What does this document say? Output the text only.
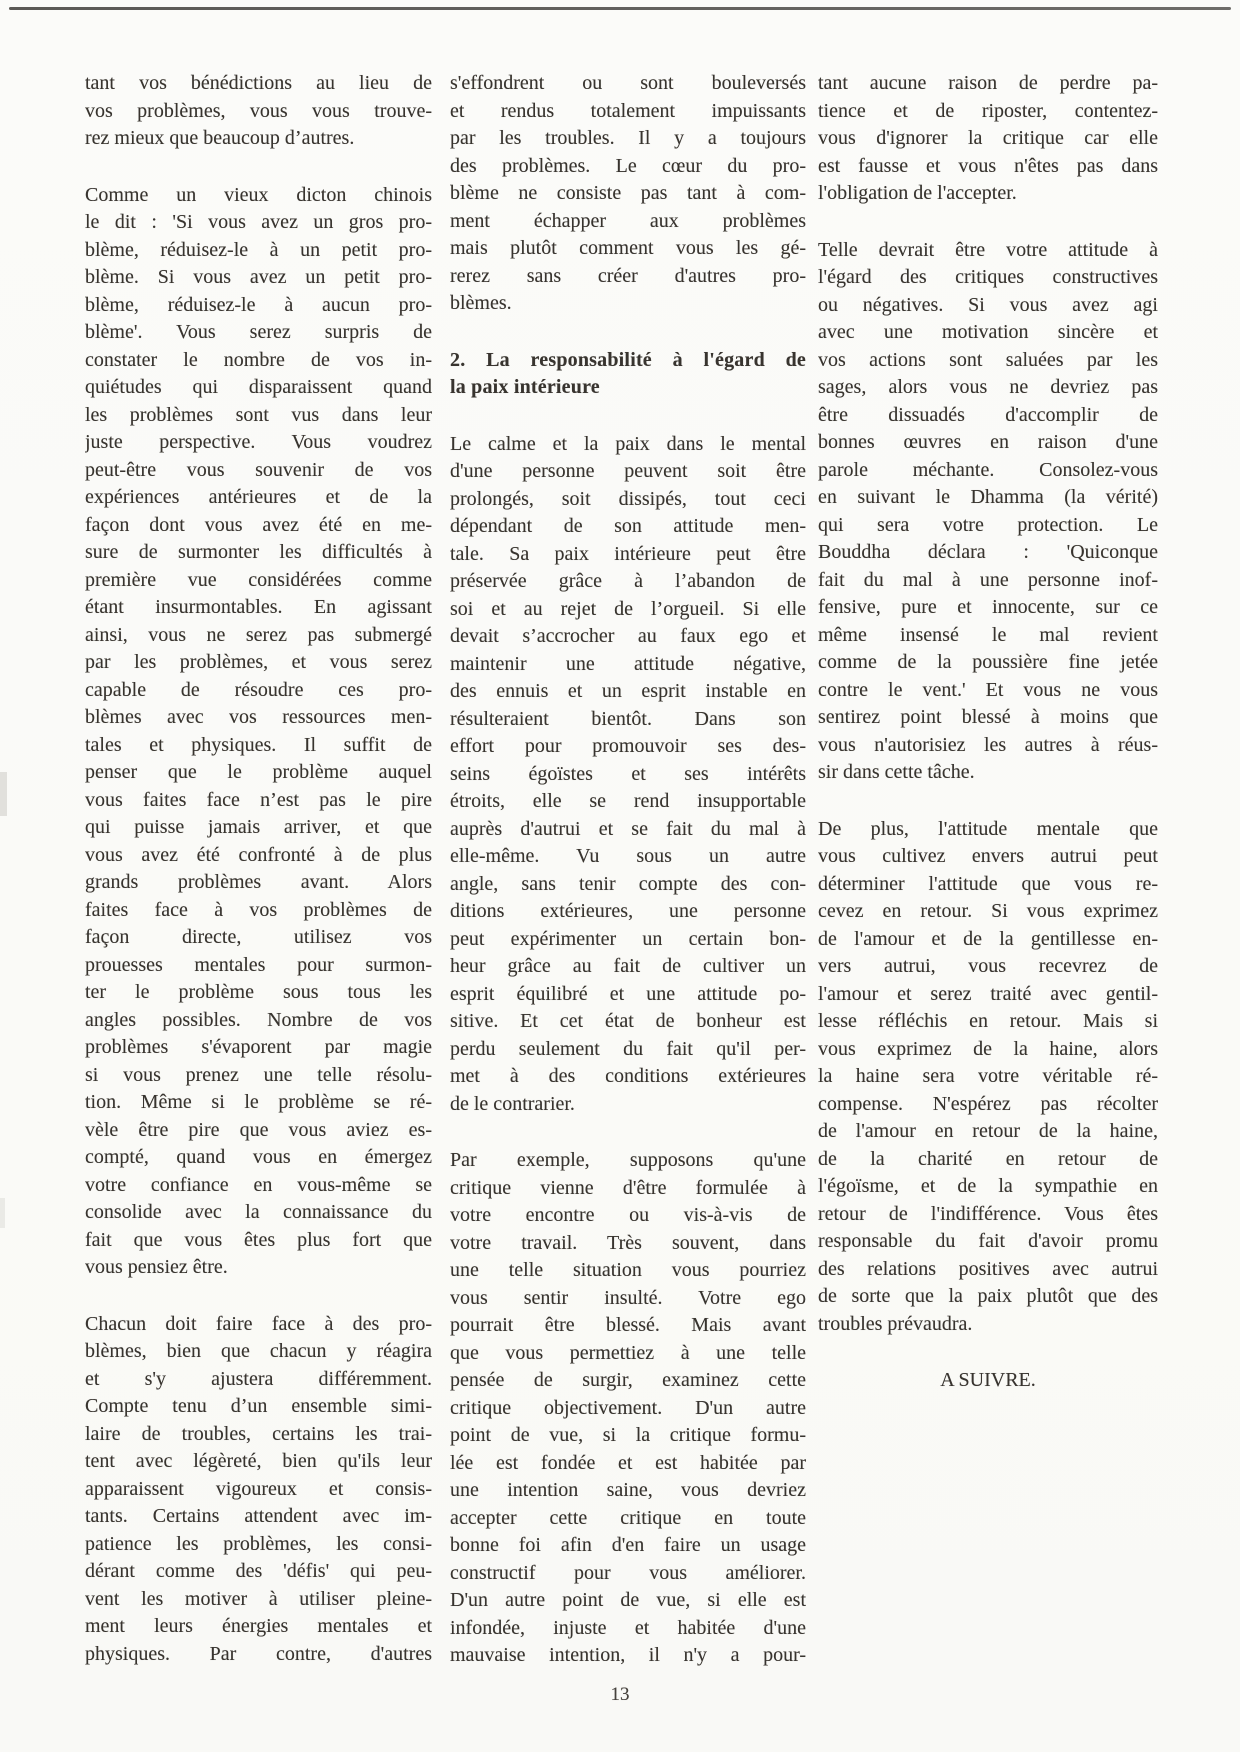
tant vos bénédictions au lieu de
vos problèmes, vous vous trouve-
rez mieux que beaucoup d’autres.
Comme un vieux dicton chinois
le dit : 'Si vous avez un gros pro-
blème, réduisez-le à un petit pro-
blème. Si vous avez un petit pro-
blème, réduisez-le à aucun pro-
blème'. Vous serez surpris de
constater le nombre de vos in-
quiétudes qui disparaissent quand
les problèmes sont vus dans leur
juste perspective. Vous voudrez
peut-être vous souvenir de vos
expériences antérieures et de la
façon dont vous avez été en me-
sure de surmonter les difficultés à
première vue considérées comme
étant insurmontables. En agissant
ainsi, vous ne serez pas submergé
par les problèmes, et vous serez
capable de résoudre ces pro-
blèmes avec vos ressources men-
tales et physiques. Il suffit de
penser que le problème auquel
vous faites face n’est pas le pire
qui puisse jamais arriver, et que
vous avez été confronté à de plus
grands problèmes avant. Alors
faites face à vos problèmes de
façon directe, utilisez vos
prouesses mentales pour surmon-
ter le problème sous tous les
angles possibles. Nombre de vos
problèmes s'évaporent par magie
si vous prenez une telle résolu-
tion. Même si le problème se ré-
vèle être pire que vous aviez es-
compté, quand vous en émergez
votre confiance en vous-même se
consolide avec la connaissance du
fait que vous êtes plus fort que
vous pensiez être.
Chacun doit faire face à des pro-
blèmes, bien que chacun y réagira
et s'y ajustera différemment.
Compte tenu d’un ensemble simi-
laire de troubles, certains les trai-
tent avec légèreté, bien qu'ils leur
apparaissent vigoureux et consis-
tants. Certains attendent avec im-
patience les problèmes, les consi-
dérant comme des 'défis' qui peu-
vent les motiver à utiliser pleine-
ment leurs énergies mentales et
physiques. Par contre, d'autres
s'effondrent ou sont bouleversés
et rendus totalement impuissants
par les troubles. Il y a toujours
des problèmes. Le cœur du pro-
blème ne consiste pas tant à com-
ment échapper aux problèmes
mais plutôt comment vous les gé-
rerez sans créer d'autres pro-
blèmes.
2. La responsabilité à l'égard de
la paix intérieure
Le calme et la paix dans le mental
d'une personne peuvent soit être
prolongés, soit dissipés, tout ceci
dépendant de son attitude men-
tale. Sa paix intérieure peut être
préservée grâce à l’abandon de
soi et au rejet de l’orgueil. Si elle
devait s’accrocher au faux ego et
maintenir une attitude négative,
des ennuis et un esprit instable en
résulteraient bientôt. Dans son
effort pour promouvoir ses des-
seins égoïstes et ses intérêts
étroits, elle se rend insupportable
auprès d'autrui et se fait du mal à
elle-même. Vu sous un autre
angle, sans tenir compte des con-
ditions extérieures, une personne
peut expérimenter un certain bon-
heur grâce au fait de cultiver un
esprit équilibré et une attitude po-
sitive. Et cet état de bonheur est
perdu seulement du fait qu'il per-
met à des conditions extérieures
de le contrarier.
Par exemple, supposons qu'une
critique vienne d'être formulée à
votre encontre ou vis-à-vis de
votre travail. Très souvent, dans
une telle situation vous pourriez
vous sentir insulté. Votre ego
pourrait être blessé. Mais avant
que vous permettiez à une telle
pensée de surgir, examinez cette
critique objectivement. D'un autre
point de vue, si la critique formu-
lée est fondée et est habitée par
une intention saine, vous devriez
accepter cette critique en toute
bonne foi afin d'en faire un usage
constructif pour vous améliorer.
D'un autre point de vue, si elle est
infondée, injuste et habitée d'une
mauvaise intention, il n'y a pour-
tant aucune raison de perdre pa-
tience et de riposter, contentez-
vous d'ignorer la critique car elle
est fausse et vous n'êtes pas dans
l'obligation de l'accepter.
Telle devrait être votre attitude à
l'égard des critiques constructives
ou négatives. Si vous avez agi
avec une motivation sincère et
vos actions sont saluées par les
sages, alors vous ne devriez pas
être dissuadés d'accomplir de
bonnes œuvres en raison d'une
parole méchante. Consolez-vous
en suivant le Dhamma (la vérité)
qui sera votre protection. Le
Bouddha déclara : 'Quiconque
fait du mal à une personne inof-
fensive, pure et innocente, sur ce
même insensé le mal revient
comme de la poussière fine jetée
contre le vent.' Et vous ne vous
sentirez point blessé à moins que
vous n'autorisiez les autres à réus-
sir dans cette tâche.
De plus, l'attitude mentale que
vous cultivez envers autrui peut
déterminer l'attitude que vous re-
cevez en retour. Si vous exprimez
de l'amour et de la gentillesse en-
vers autrui, vous recevrez de
l'amour et serez traité avec gentil-
lesse réfléchis en retour. Mais si
vous exprimez de la haine, alors
la haine sera votre véritable ré-
compense. N'espérez pas récolter
de l'amour en retour de la haine,
de la charité en retour de
l'égoïsme, et de la sympathie en
retour de l'indifférence. Vous êtes
responsable du fait d'avoir promu
des relations positives avec autrui
de sorte que la paix plutôt que des
troubles prévaudra.
A SUIVRE.
13
